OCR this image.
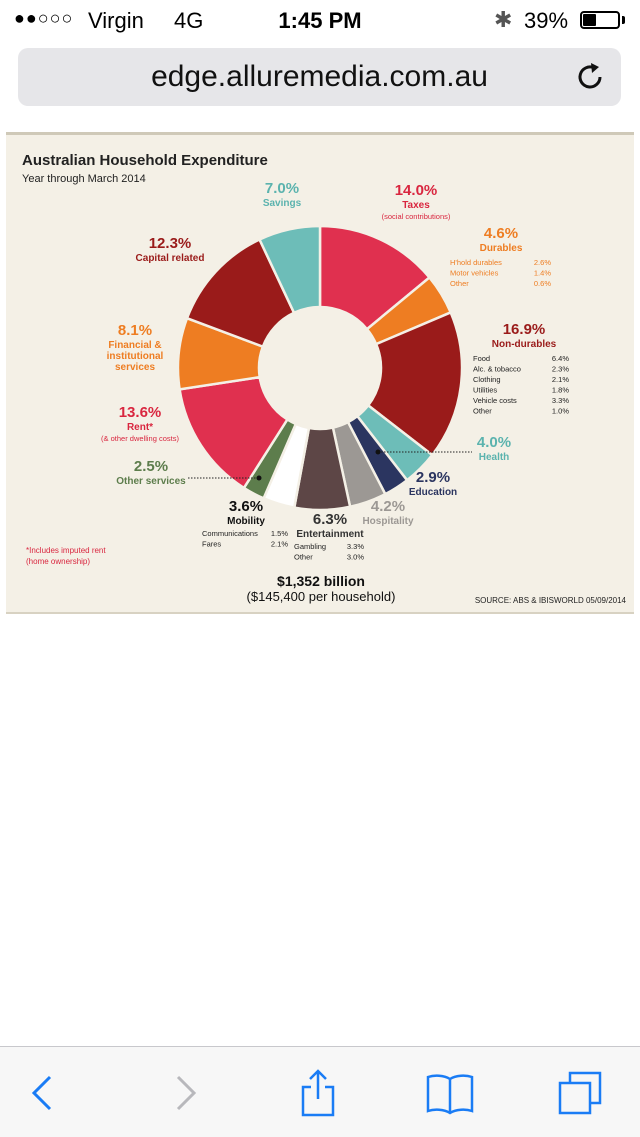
●●○○○ Virgin 4G	1:45 PM	✱ 39%
edge.alluremedia.com.au
Australian Household Expenditure
Year through March 2014
14.0%
Taxes
(social contributions)
4.6%
Durables
H'hold durables	2.6%
Motor vehicles	1.4%
Other	0.6%
16.9%
Non-durables
Food	6.4%
Alc. & tobacco	2.3%
Clothing	2.1%
Utilities	1.8%
Vehicle costs	3.3%
Other	1.0%
4.0%
Health
2.9%
Education
4.2%
Hospitality
6.3%
Entertainment
Gambling	3.3%
Other	3.0%
3.6%
Mobility
Communications 1.5%
Fares	2.1%
2.5%
Other services
13.6%
Rent*
(& other dwelling costs)
8.1%
Financial &
institutional
services
12.3%
Capital related
7.0%
Savings
$1,352 billion
($145,400 per household)
*Includes imputed rent
(home ownership)
SOURCE: ABS & IBISWORLD 05/09/2014
